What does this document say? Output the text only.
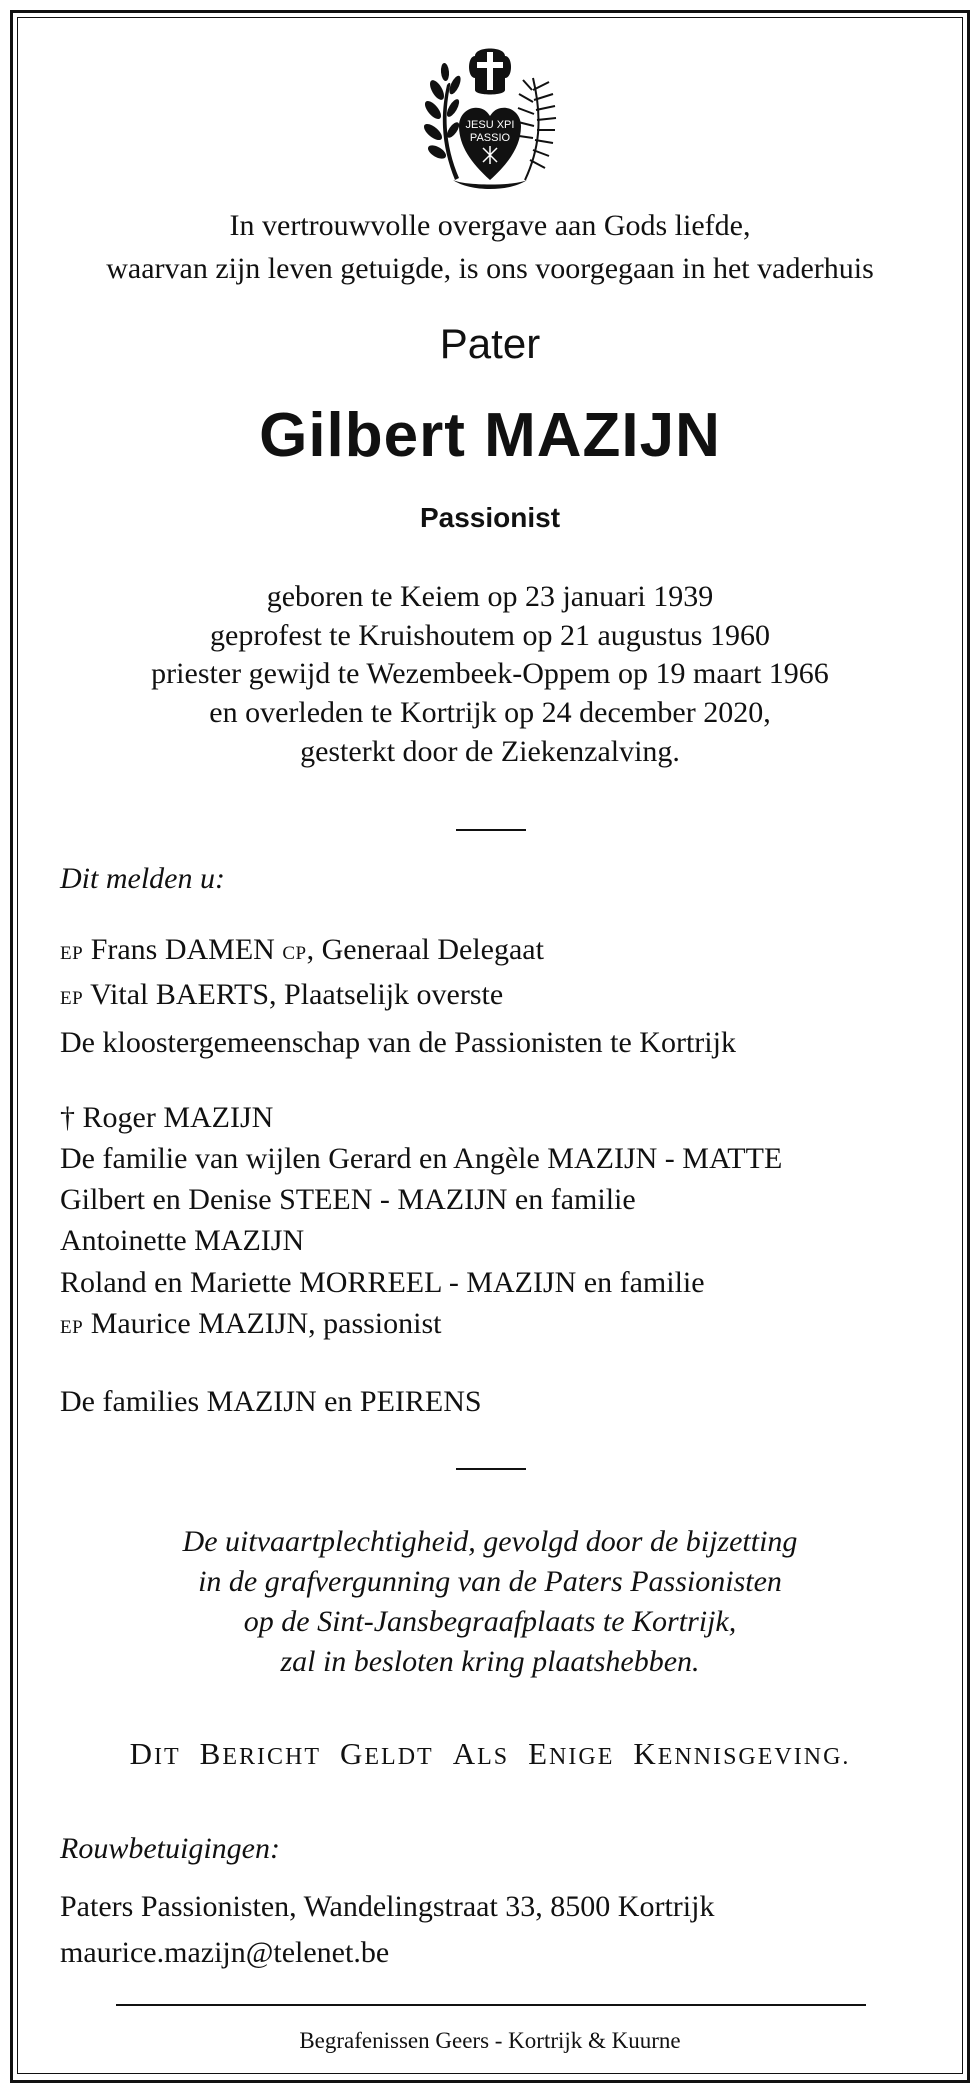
JESU XPI
PASSIO
In vertrouwvolle overgave aan Gods liefde,
waarvan zijn leven getuigde, is ons voorgegaan in het vaderhuis
Pater
Gilbert MAZIJN
Passionist
geboren te Keiem op 23 januari 1939
geprofest te Kruishoutem op 21 augustus 1960
priester gewijd te Wezembeek-Oppem op 19 maart 1966
en overleden te Kortrijk op 24 december 2020,
gesterkt door de Ziekenzalving.
Dit melden u:
EP Frans DAMEN CP, Generaal Delegaat
EP Vital BAERTS, Plaatselijk overste
De kloostergemeenschap van de Passionisten te Kortrijk
† Roger MAZIJN
De familie van wijlen Gerard en Angèle MAZIJN - MATTE
Gilbert en Denise STEEN - MAZIJN en familie
Antoinette MAZIJN
Roland en Mariette MORREEL - MAZIJN en familie
EP Maurice MAZIJN, passionist
De families MAZIJN en PEIRENS
De uitvaartplechtigheid, gevolgd door de bijzetting
in de grafvergunning van de Paters Passionisten
op de Sint-Jansbegraafplaats te Kortrijk,
zal in besloten kring plaatshebben.
DIT BERICHT GELDT ALS ENIGE KENNISGEVING.
Rouwbetuigingen:
Paters Passionisten, Wandelingstraat 33, 8500 Kortrijk
maurice.mazijn@telenet.be
Begrafenissen Geers - Kortrijk & Kuurne
